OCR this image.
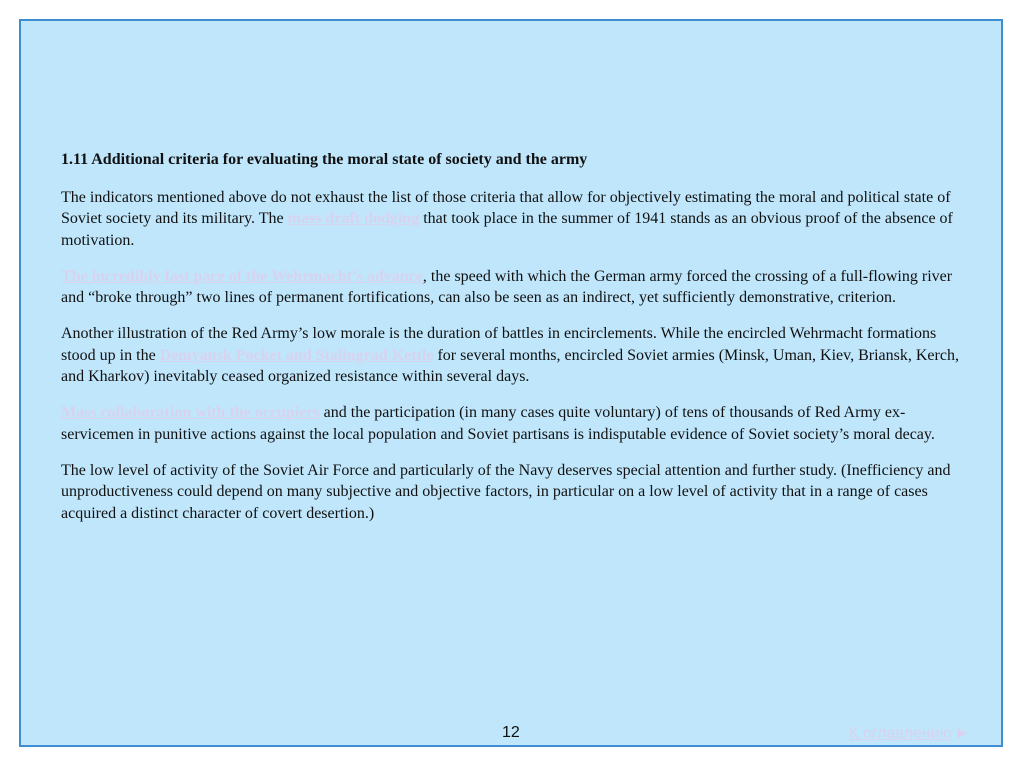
1.11 Additional criteria for evaluating the moral state of society and the army

The indicators mentioned above do not exhaust the list of those criteria that allow for objectively estimating the moral and political state of Soviet society and its military. The mass draft dodging that took place in the summer of 1941 stands as an obvious proof of the absence of motivation.

The incredibly fast pace of the Wehrmacht’s advance, the speed with which the German army forced the crossing of a full-flowing river and “broke through” two lines of permanent fortifications, can also be seen as an indirect, yet sufficiently demonstrative, criterion.

Another illustration of the Red Army’s low morale is the duration of battles in encirclements. While the encircled Wehrmacht formations stood up in the Demyansk Pocket and Stalingrad Kettle for several months, encircled Soviet armies (Minsk, Uman, Kiev, Briansk, Kerch, and Kharkov) inevitably ceased organized resistance within several days.

Mass collaboration with the occupiers and the participation (in many cases quite voluntary) of tens of thousands of Red Army ex-servicemen in punitive actions against the local population and Soviet partisans is indisputable evidence of Soviet society’s moral decay.

The low level of activity of the Soviet Air Force and particularly of the Navy deserves special attention and further study. (Inefficiency and unproductiveness could depend on many subjective and objective factors, in particular on a low level of activity that in a range of cases acquired a distinct character of covert desertion.)

12	К оглавлению ►
